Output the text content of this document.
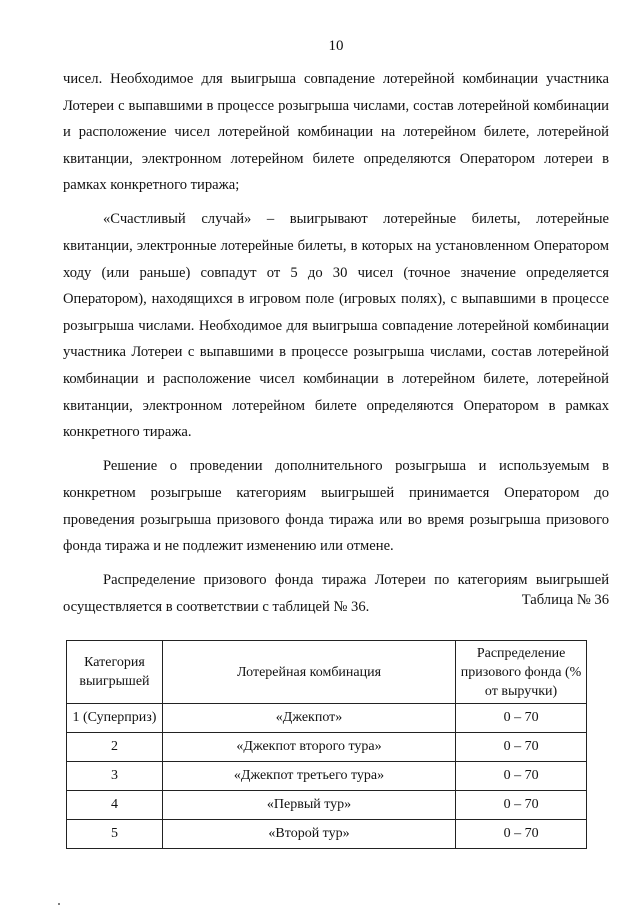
10

чисел. Необходимое для выигрыша совпадение лотерейной комбинации участника Лотереи с выпавшими в процессе розыгрыша числами, состав лотерейной комбинации и расположение чисел лотерейной комбинации на лотерейном билете, лотерейной квитанции, электронном лотерейном билете определяются Оператором лотереи в рамках конкретного тиража;

«Счастливый случай» – выигрывают лотерейные билеты, лотерейные квитанции, электронные лотерейные билеты, в которых на установленном Оператором ходу (или раньше) совпадут от 5 до 30 чисел (точное значение определяется Оператором), находящихся в игровом поле (игровых полях), с выпавшими в процессе розыгрыша числами. Необходимое для выигрыша совпадение лотерейной комбинации участника Лотереи с выпавшими в процессе розыгрыша числами, состав лотерейной комбинации и расположение чисел комбинации в лотерейном билете, лотерейной квитанции, электронном лотерейном билете определяются Оператором в рамках конкретного тиража.

Решение о проведении дополнительного розыгрыша и используемым в конкретном розыгрыше категориям выигрышей принимается Оператором до проведения розыгрыша призового фонда тиража или во время розыгрыша призового фонда тиража и не подлежит изменению или отмене.

Распределение призового фонда тиража Лотереи по категориям выигрышей осуществляется в соответствии с таблицей № 36.	Таблица № 36
Категория выигрышей	Лотерейная комбинация	Распределение призового фонда (% от выручки)
1 (Суперприз)	«Джекпот»	0 – 70
2	«Джекпот второго тура»	0 – 70
3	«Джекпот третьего тура»	0 – 70
4	«Первый тур»	0 – 70
5	«Второй тур»	0 – 70
